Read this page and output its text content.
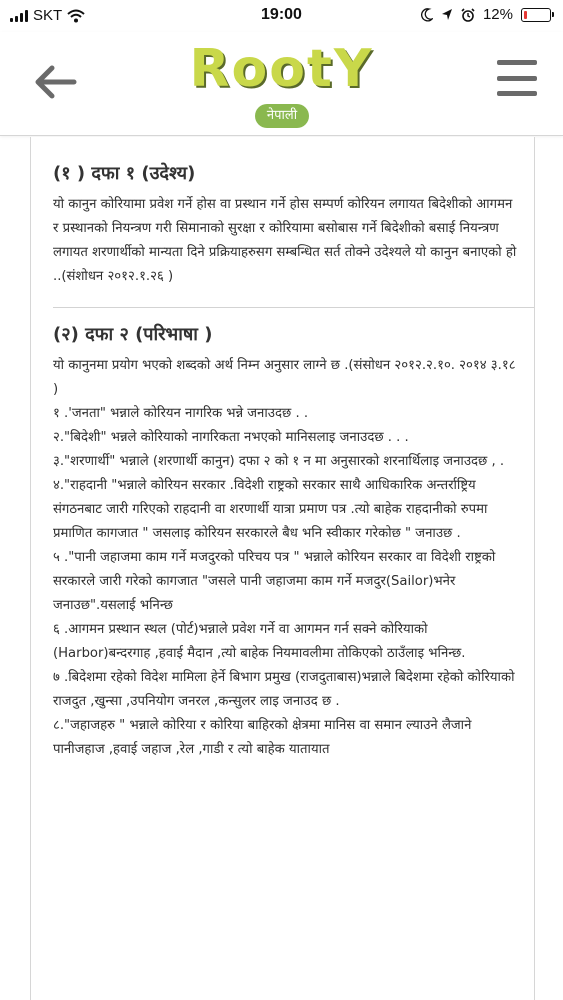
SKT	19:00	12%
RootY
नेपाली
(१ ) दफा १ (उदेश्य)
यो कानुन कोरियामा प्रवेश गर्ने होस वा प्रस्थान गर्ने होस सम्पर्ण कोरियन लगायत बिदेशीको आगमन र प्रस्थानको नियन्त्रण गरी सिमानाको सुरक्षा र कोरियामा बसोबास गर्ने बिदेशीको बसाई नियन्त्रण लगायत शरणार्थीको मान्यता दिने प्रक्रियाहरुसग सम्बन्धित सर्त तोक्ने उदेश्यले यो कानुन बनाएको हो ..(संशोधन २०१२.१.२६ )
(२) दफा २ (परिभाषा )
यो कानुनमा प्रयोग भएको शब्दको अर्थ निम्न अनुसार लाग्ने छ .(संसोधन २०१२.२.१०. २०१४ ३.१८ )
१ .'जनता" भन्नाले कोरियन नागरिक भन्ने जनाउदछ . .
२."बिदेशी" भन्नले कोरियाको नागरिकता नभएको मानिसलाइ जनाउदछ . . .
३."शरणार्थी" भन्नाले (शरणार्थी कानुन) दफा २ को १ न मा अनुसारको शरनार्थिलाइ जनाउदछ , .
४."राहदानी "भन्नाले कोरियन सरकार .विदेशी राष्ट्रको सरकार साथै आधिकारिक अन्तर्राष्ट्रिय संगठनबाट जारी गरिएको राहदानी वा शरणार्थी यात्रा प्रमाण पत्र .त्यो बाहेक राहदानीको रुपमा प्रमाणित कागजात " जसलाइ कोरियन सरकारले बैध भनि स्वीकार गरेकोछ " जनाउछ .
५ ."पानी जहाजमा काम गर्ने मजदुरको परिचय पत्र " भन्नाले कोरियन सरकार वा विदेशी राष्ट्रको सरकारले जारी गरेको कागजात "जसले पानी जहाजमा काम गर्ने मजदुर(Sailor)भनेर जनाउछ".यसलाई भनिन्छ
६ .आगमन प्रस्थान स्थल (पोर्ट)भन्नाले प्रवेश गर्ने वा आगमन गर्न सक्ने कोरियाको (Harbor)बन्दरगाह ,हवाई मैदान ,त्यो बाहेक नियमावलीमा तोकिएको ठाउँलाइ भनिन्छ.
७ .बिदेशमा रहेको विदेश मामिला हेर्ने बिभाग प्रमुख (राजदुताबास)भन्नाले बिदेशमा रहेको कोरियाको राजदुत ,खुन्सा ,उपनियोग जनरल ,कन्सुलर लाइ जनाउद छ .
८."जहाजहरु " भन्नाले कोरिया र कोरिया बाहिरको क्षेत्रमा मानिस वा समान ल्याउने लैजाने पानीजहाज ,हवाई जहाज ,रेल ,गाडी र त्यो बाहेक यातायात
